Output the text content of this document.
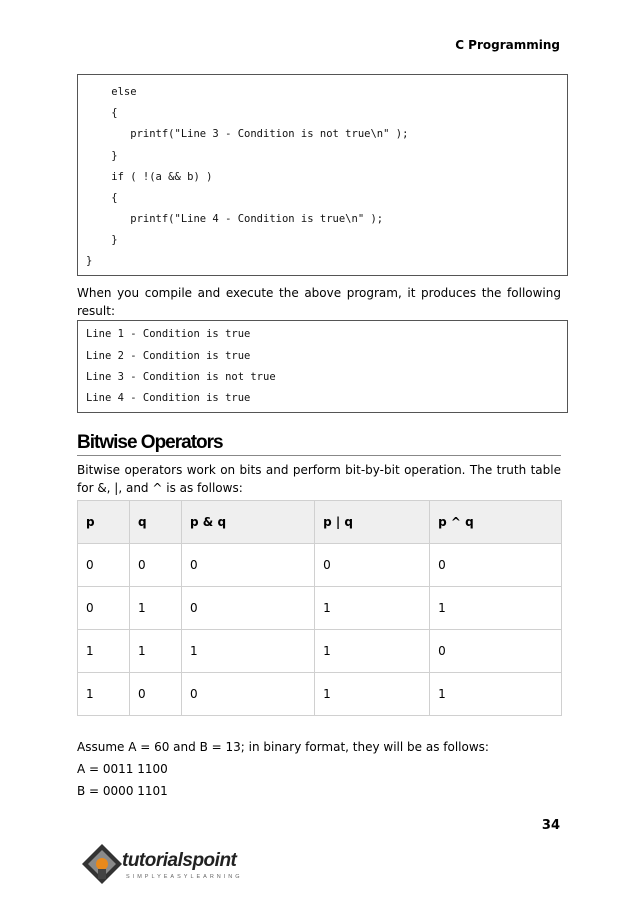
C Programming
else
{
printf("Line 3 - Condition is not true\n" );
}
if ( !(a && b) )
{
printf("Line 4 - Condition is true\n" );
}
}
When you compile and execute the above program, it produces the following result:
Line 1 - Condition is true
Line 2 - Condition is true
Line 3 - Condition is not true
Line 4 - Condition is true
Bitwise Operators
Bitwise operators work on bits and perform bit-by-bit operation. The truth table for &, |, and ^ is as follows:
p	q	p & q	p | q	p ^ q
0	0	0	0	0
0	1	0	1	1
1	1	1	1	0
1	0	0	1	1
Assume A = 60 and B = 13; in binary format, they will be as follows:
A = 0011 1100
B = 0000 1101
34
tutorialspoint
SIMPLYEASYLEARNING
